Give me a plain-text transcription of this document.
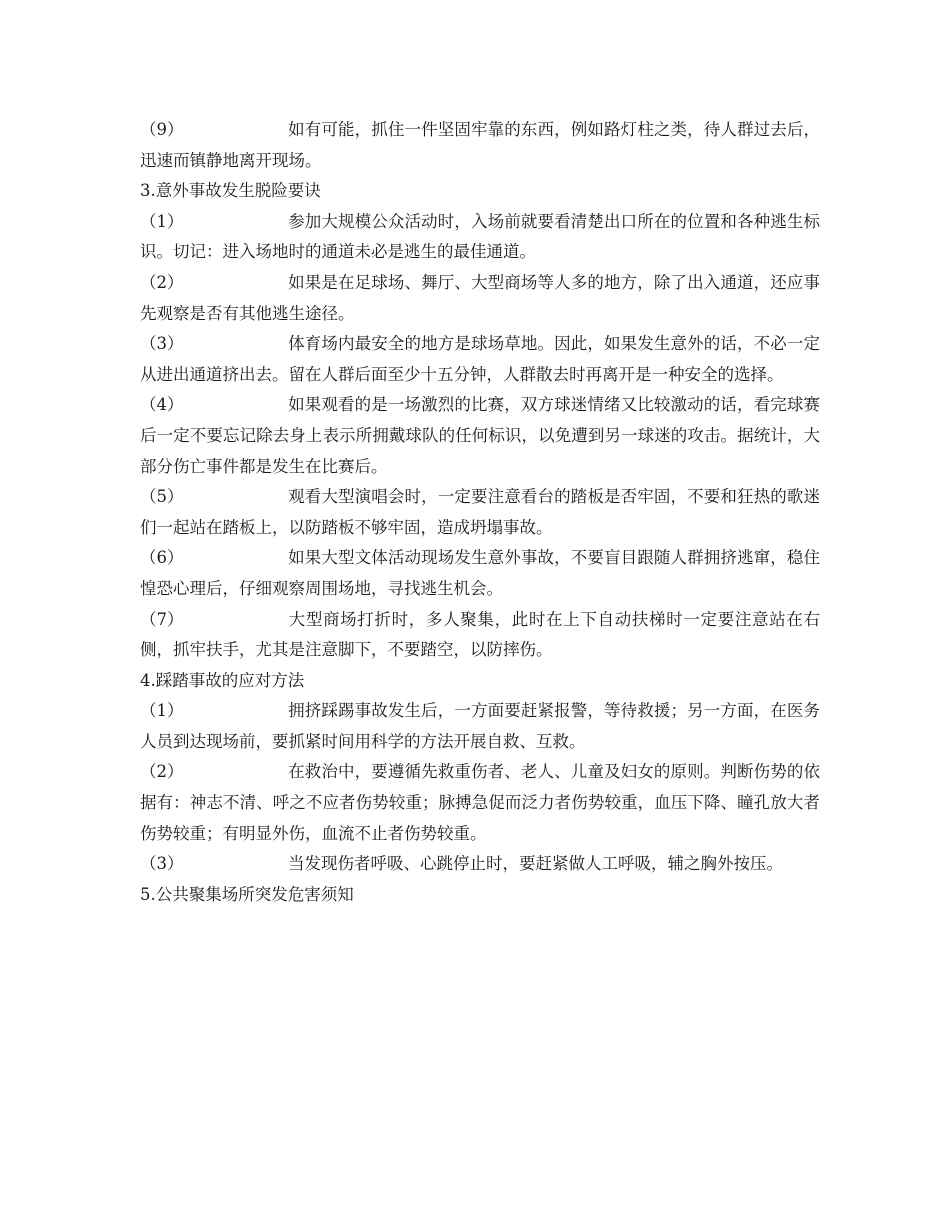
（9）	如有可能，抓住一件坚固牢靠的东西，例如路灯柱之类，待人群过去后，迅速而镇静地离开现场。

3.意外事故发生脱险要诀

（1）	参加大规模公众活动时，入场前就要看清楚出口所在的位置和各种逃生标识。切记：进入场地时的通道未必是逃生的最佳通道。

（2）	如果是在足球场、舞厅、大型商场等人多的地方，除了出入通道，还应事先观察是否有其他逃生途径。

（3）	体育场内最安全的地方是球场草地。因此，如果发生意外的话，不必一定从进出通道挤出去。留在人群后面至少十五分钟，人群散去时再离开是一种安全的选择。

（4）	如果观看的是一场激烈的比赛，双方球迷情绪又比较激动的话，看完球赛后一定不要忘记除去身上表示所拥戴球队的任何标识，以免遭到另一球迷的攻击。据统计，大部分伤亡事件都是发生在比赛后。

（5）	观看大型演唱会时，一定要注意看台的踏板是否牢固，不要和狂热的歌迷们一起站在踏板上，以防踏板不够牢固，造成坍塌事故。

（6）	如果大型文体活动现场发生意外事故，不要盲目跟随人群拥挤逃窜，稳住惶恐心理后，仔细观察周围场地，寻找逃生机会。

（7）	大型商场打折时，多人聚集，此时在上下自动扶梯时一定要注意站在右侧，抓牢扶手，尤其是注意脚下，不要踏空，以防摔伤。

4.踩踏事故的应对方法

（1）	拥挤踩踢事故发生后，一方面要赶紧报警，等待救援；另一方面，在医务人员到达现场前，要抓紧时间用科学的方法开展自救、互救。

（2）	在救治中，要遵循先救重伤者、老人、儿童及妇女的原则。判断伤势的依据有：神志不清、呼之不应者伤势较重；脉搏急促而泛力者伤势较重，血压下降、瞳孔放大者伤势较重；有明显外伤，血流不止者伤势较重。

（3）	当发现伤者呼吸、心跳停止时，要赶紧做人工呼吸，辅之胸外按压。

5.公共聚集场所突发危害须知
